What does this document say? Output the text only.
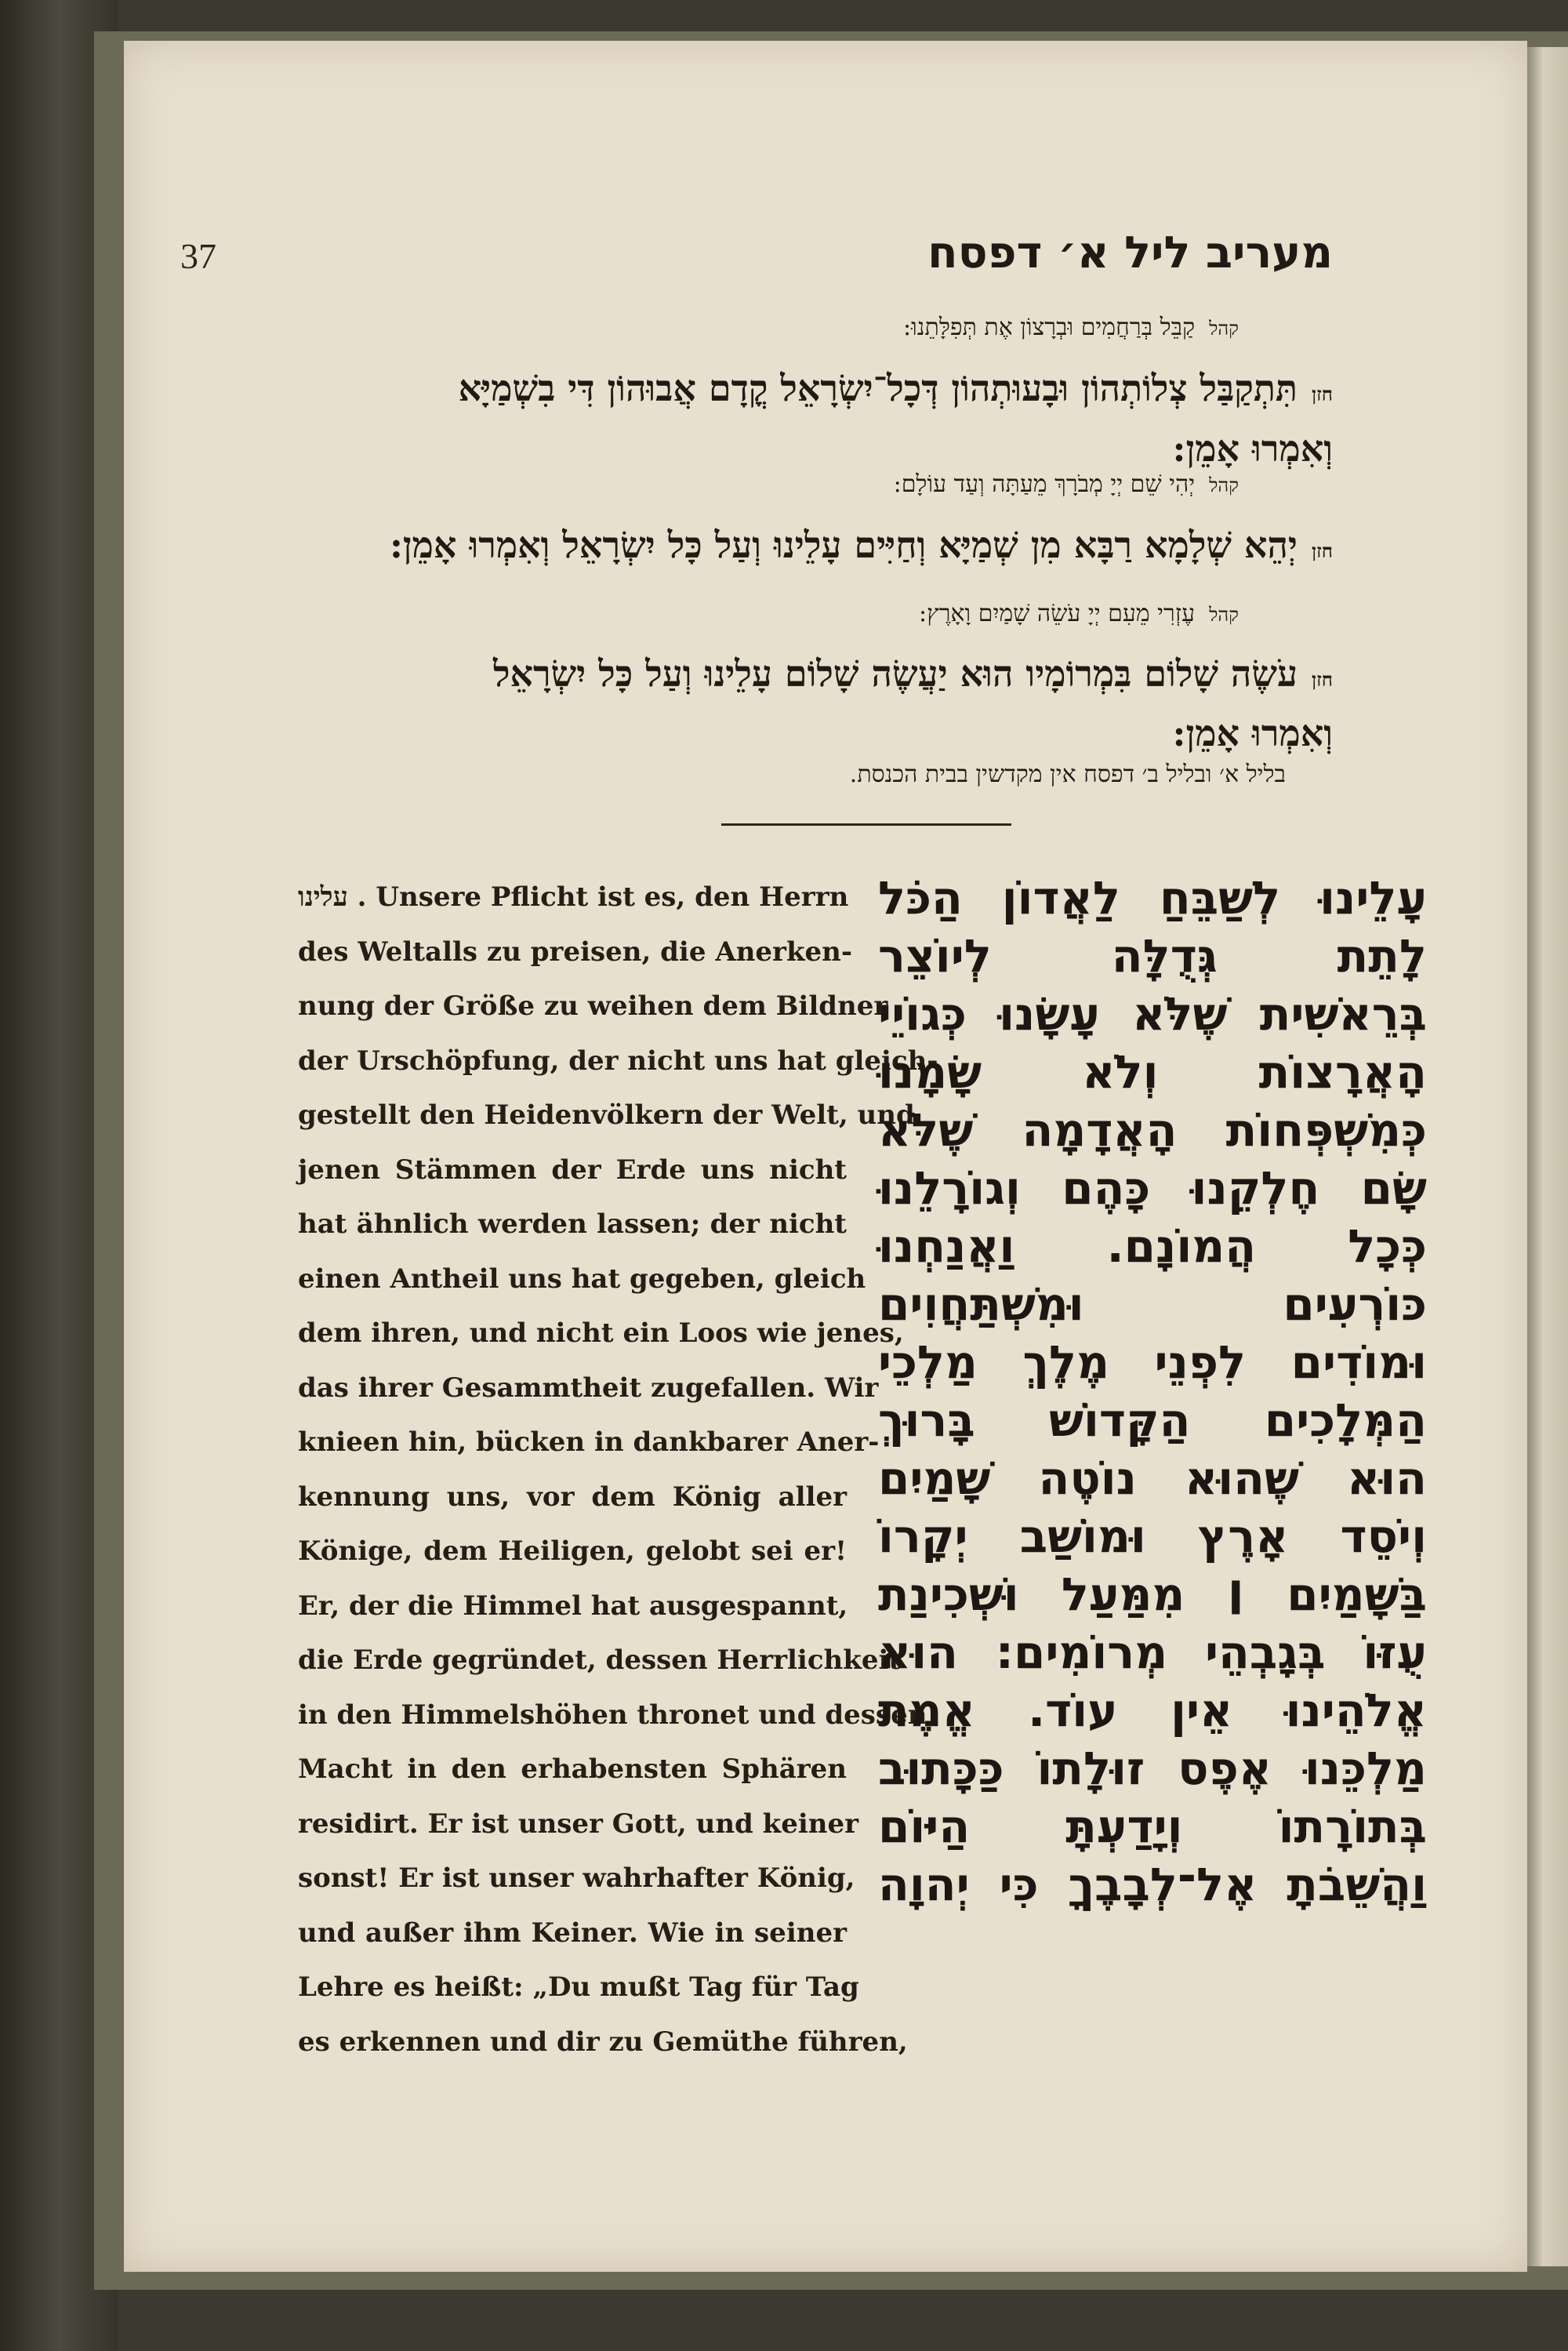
37	מעריב ליל א׳ דפסח
קהלקַבֵּל בְּרַחֲמִים וּבְרָצוֹן אֶת תְּפִלָּתֵנוּ:
חזןתִּתְקַבַּל צְלוֹתְהוֹן וּבָעוּתְהוֹן דְּכָל־יִשְׂרָאֵל קֳדָם אֲבוּהוֹן דִּי בִשְׁמַיָּא
וְאִמְרוּ אָמֵן:
קהליְהִי שֵׁם יְיָ מְבֹרָךְ מֵעַתָּה וְעַד עוֹלָם:
חזןיְהֵא שְׁלָמָא רַבָּא מִן שְׁמַיָּא וְחַיִּים עָלֵינוּ וְעַל כָּל יִשְׂרָאֵל וְאִמְרוּ אָמֵן:
קהלעֶזְרִי מֵעִם יְיָ עֹשֵׂה שָׁמַיִם וָאָרֶץ:
חזןעֹשֶׂה שָׁלוֹם בִּמְרוֹמָיו הוּא יַעֲשֶׂה שָׁלוֹם עָלֵינוּ וְעַל כָּל יִשְׂרָאֵל
וְאִמְרוּ אָמֵן:
בליל א׳ ובליל ב׳ דפסח אין מקדשין בבית הכנסת.
עלינו . Unsere Pflicht ist es, den Herrn
des Weltalls zu preisen, die Anerken-
nung der Größe zu weihen dem Bildner
der Urschöpfung, der nicht uns hat gleich-
gestellt den Heidenvölkern der Welt, und
jenen Stämmen der Erde uns nicht
hat ähnlich werden lassen; der nicht
einen Antheil uns hat gegeben, gleich
dem ihren, und nicht ein Loos wie jenes,
das ihrer Gesammtheit zugefallen. Wir
knieen hin, bücken in dankbarer Aner-
kennung uns, vor dem König aller
Könige, dem Heiligen, gelobt sei er!
Er, der die Himmel hat ausgespannt,
die Erde gegründet, dessen Herrlichkeit
in den Himmelshöhen thronet und dessen
Macht in den erhabensten Sphären
residirt. Er ist unser Gott, und keiner
sonst! Er ist unser wahrhafter König,
und außer ihm Keiner. Wie in seiner
Lehre es heißt: „Du mußt Tag für Tag
es erkennen und dir zu Gemüthe führen,
עָלֵינוּ לְשַׁבֵּחַ לַאֲדוֹן הַכֹּל
לָתֵת גְּדֻלָּה לְיוֹצֵר
בְּרֵאשִׁית שֶׁלֹּא עָשָׂנוּ כְּגוֹיֵי
הָאֲרָצוֹת וְלֹא שָׂמָנוּ
כְּמִשְׁפְּחוֹת הָאֲדָמָה שֶׁלֹּא
שָׂם חֶלְקֵנוּ כָּהֶם וְגוֹרָלֵנוּ
כְּכָל הֲמוֹנָם. וַאֲנַחְנוּ
כּוֹרְעִים וּמִשְׁתַּחֲוִים
וּמוֹדִים לִפְנֵי מֶלֶךְ מַלְכֵי
הַמְּלָכִים הַקָּדוֹשׁ בָּרוּךְ
הוּא שֶׁהוּא נוֹטֶה שָׁמַיִם
וְיֹסֵד אָרֶץ וּמוֹשַׁב יְקָרוֹ
בַּשָּׁמַיִם ׀ מִמַּעַל וּשְׁכִינַת
עֻזּוֹ בְּגָבְהֵי מְרוֹמִים: הוּא
אֱלֹהֵינוּ אֵין עוֹד. אֱמֶת
מַלְכֵּנוּ אֶפֶס זוּלָתוֹ כַּכָּתוּב
בְּתוֹרָתוֹ וְיָדַעְתָּ הַיּוֹם
וַהֲשֵׁבֹתָ אֶל־לְבָבֶךָ כִּי יְהוָה
